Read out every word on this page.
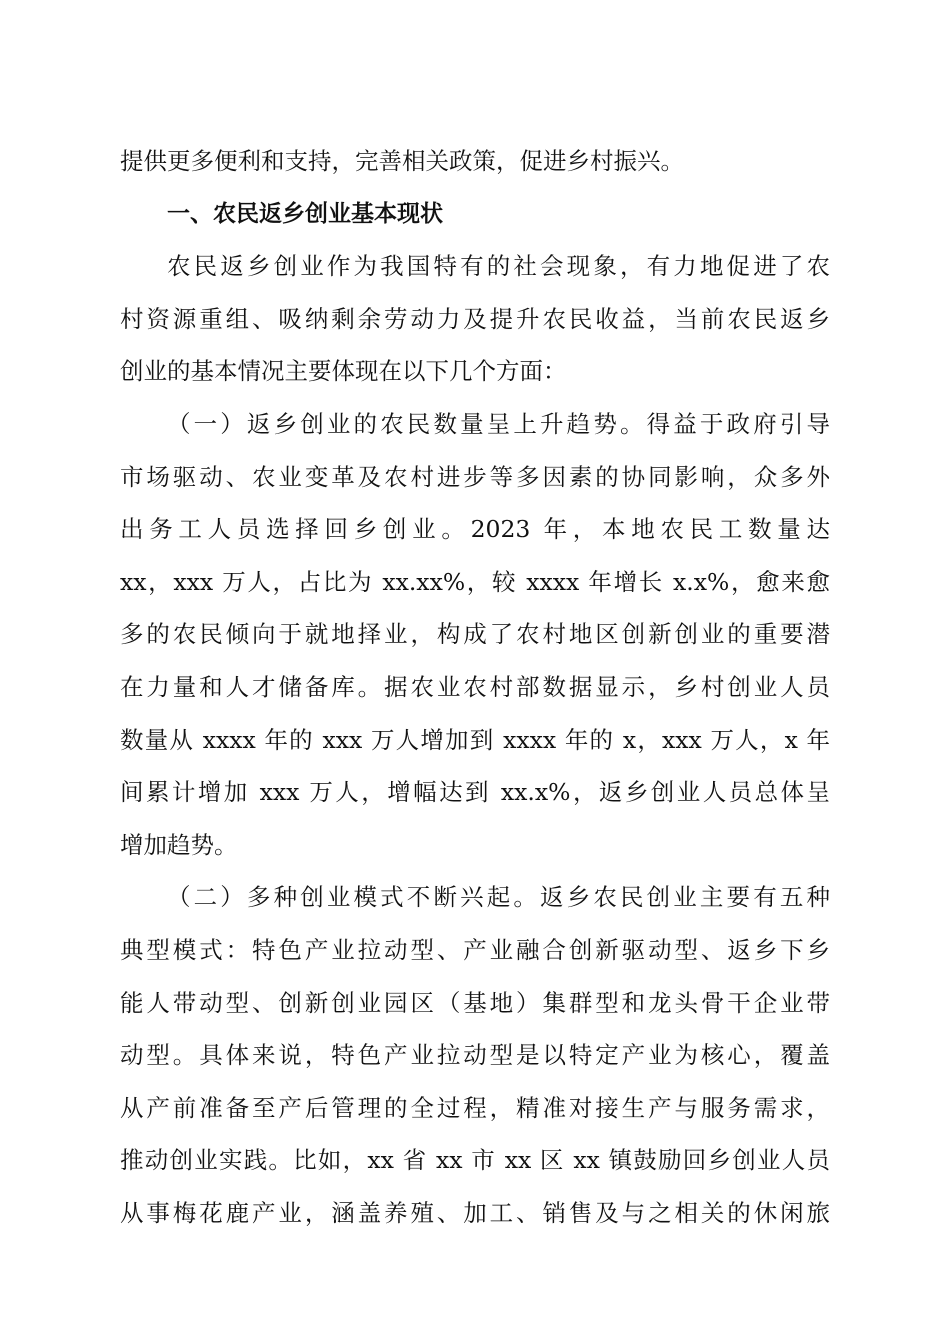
提供更多便利和支持，完善相关政策，促进乡村振兴。
一、农民返乡创业基本现状
农民返乡创业作为我国特有的社会现象，有力地促进了农
村资源重组、吸纳剩余劳动力及提升农民收益，当前农民返乡
创业的基本情况主要体现在以下几个方面：
（一）返乡创业的农民数量呈上升趋势。得益于政府引导
市场驱动、农业变革及农村进步等多因素的协同影响，众多外
出务工人员选择回乡创业。2023 年，本地农民工数量达
xx，xxx 万人，占比为 xx.xx%，较 xxxx 年增长 x.x%，愈来愈
多的农民倾向于就地择业，构成了农村地区创新创业的重要潜
在力量和人才储备库。据农业农村部数据显示，乡村创业人员
数量从 xxxx 年的 xxx 万人增加到 xxxx 年的 x，xxx 万人，x 年
间累计增加 xxx 万人，增幅达到 xx.x%，返乡创业人员总体呈
增加趋势。
（二）多种创业模式不断兴起。返乡农民创业主要有五种
典型模式：特色产业拉动型、产业融合创新驱动型、返乡下乡
能人带动型、创新创业园区（基地）集群型和龙头骨干企业带
动型。具体来说，特色产业拉动型是以特定产业为核心，覆盖
从产前准备至产后管理的全过程，精准对接生产与服务需求，
推动创业实践。比如，xx 省 xx 市 xx 区 xx 镇鼓励回乡创业人员
从事梅花鹿产业，涵盖养殖、加工、销售及与之相关的休闲旅
